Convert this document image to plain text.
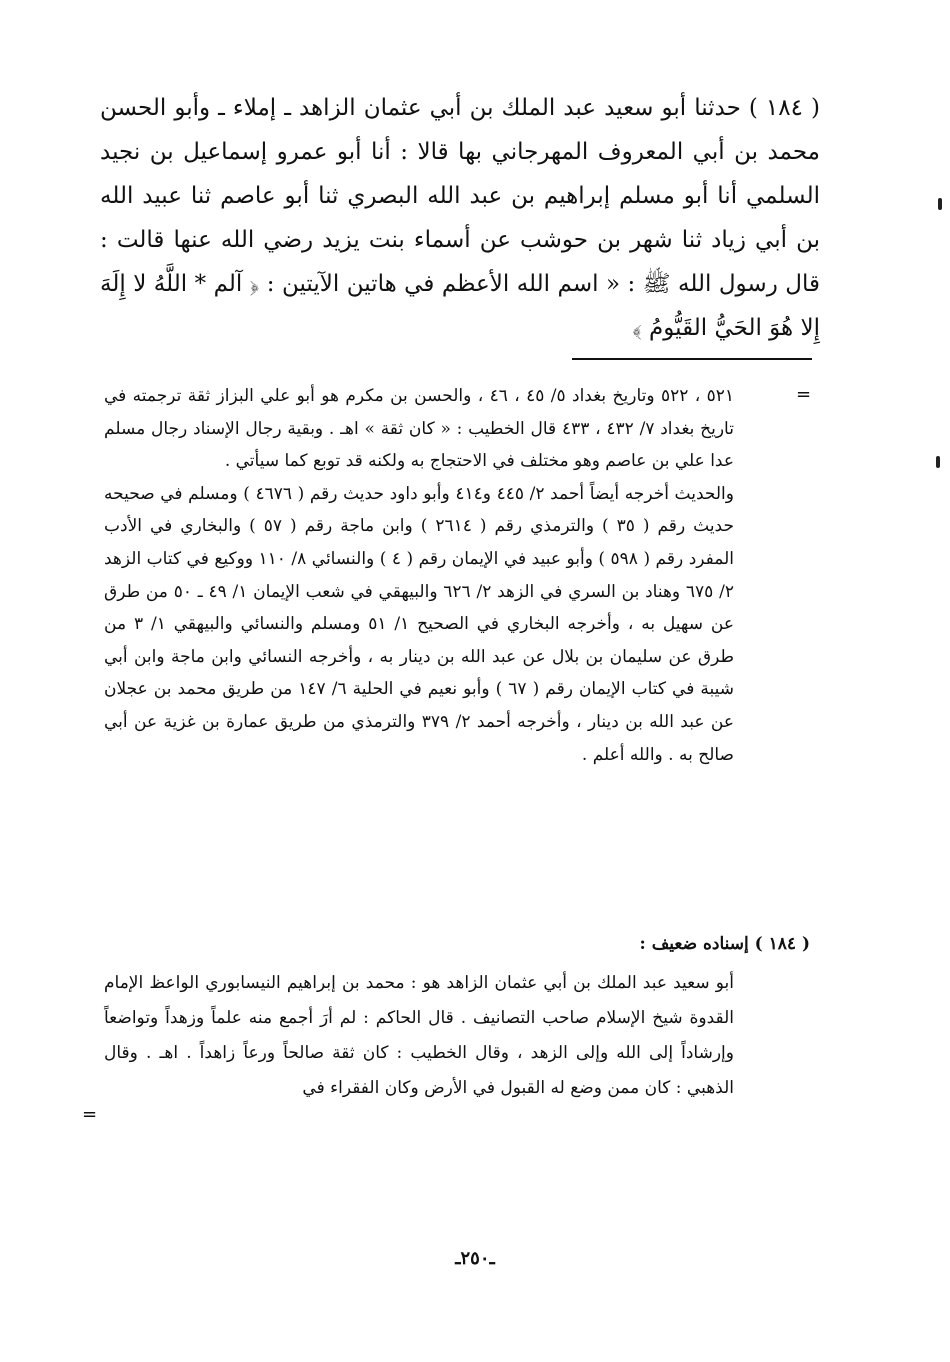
( ١٨٤ ) حدثنا أبو سعيد عبد الملك بن أبي عثمان الزاهد ـ إملاء ـ وأبو الحسن محمد بن أبي المعروف المهرجاني بها قالا : أنا أبو عمرو إسماعيل بن نجيد السلمي أنا أبو مسلم إبراهيم بن عبد الله البصري ثنا أبو عاصم ثنا عبيد الله بن أبي زياد ثنا شهر بن حوشب عن أسماء بنت يزيد رضي الله عنها قالت : قال رسول الله ﷺ : « اسم الله الأعظم في هاتين الآيتين : ﴿ آلم * اللَّهُ لا إِلَهَ إِلا هُوَ الحَيُّ القَيُّومُ ﴾

=

٥٢١ ، ٥٢٢ وتاريخ بغداد ٥/ ٤٥ ، ٤٦ ، والحسن بن مكرم هو أبو علي البزاز ثقة ترجمته في تاريخ بغداد ٧/ ٤٣٢ ، ٤٣٣ قال الخطيب : « كان ثقة » اهـ . وبقية رجال الإسناد رجال مسلم عدا علي بن عاصم وهو مختلف في الاحتجاج به ولكنه قد توبع كما سيأتي .

والحديث أخرجه أيضاً أحمد ٢/ ٤٤٥ و٤١٤ وأبو داود حديث رقم ( ٤٦٧٦ ) ومسلم في صحيحه حديث رقم ( ٣٥ ) والترمذي رقم ( ٢٦١٤ ) وابن ماجة رقم ( ٥٧ ) والبخاري في الأدب المفرد رقم ( ٥٩٨ ) وأبو عبيد في الإيمان رقم ( ٤ ) والنسائي ٨/ ١١٠ ووكيع في كتاب الزهد ٢/ ٦٧٥ وهناد بن السري في الزهد ٢/ ٦٢٦ والبيهقي في شعب الإيمان ١/ ٤٩ ـ ٥٠ من طرق عن سهيل به ، وأخرجه البخاري في الصحيح ١/ ٥١ ومسلم والنسائي والبيهقي ١/ ٣ من طرق عن سليمان بن بلال عن عبد الله بن دينار به ، وأخرجه النسائي وابن ماجة وابن أبي شيبة في كتاب الإيمان رقم ( ٦٧ ) وأبو نعيم في الحلية ٦/ ١٤٧ من طريق محمد بن عجلان عن عبد الله بن دينار ، وأخرجه أحمد ٢/ ٣٧٩ والترمذي من طريق عمارة بن غزية عن أبي صالح به . والله أعلم .

( ١٨٤ ) إسناده ضعيف :

أبو سعيد عبد الملك بن أبي عثمان الزاهد هو : محمد بن إبراهيم النيسابوري الواعظ الإمام القدوة شيخ الإسلام صاحب التصانيف . قال الحاكم : لم أرَ أجمع منه علماً وزهداً وتواضعاً وإرشاداً إلى الله وإلى الزهد ، وقال الخطيب : كان ثقة صالحاً ورعاً زاهداً . اهـ . وقال الذهبي : كان ممن وضع له القبول في الأرض وكان الفقراء في

=
ـ٢٥٠ـ
